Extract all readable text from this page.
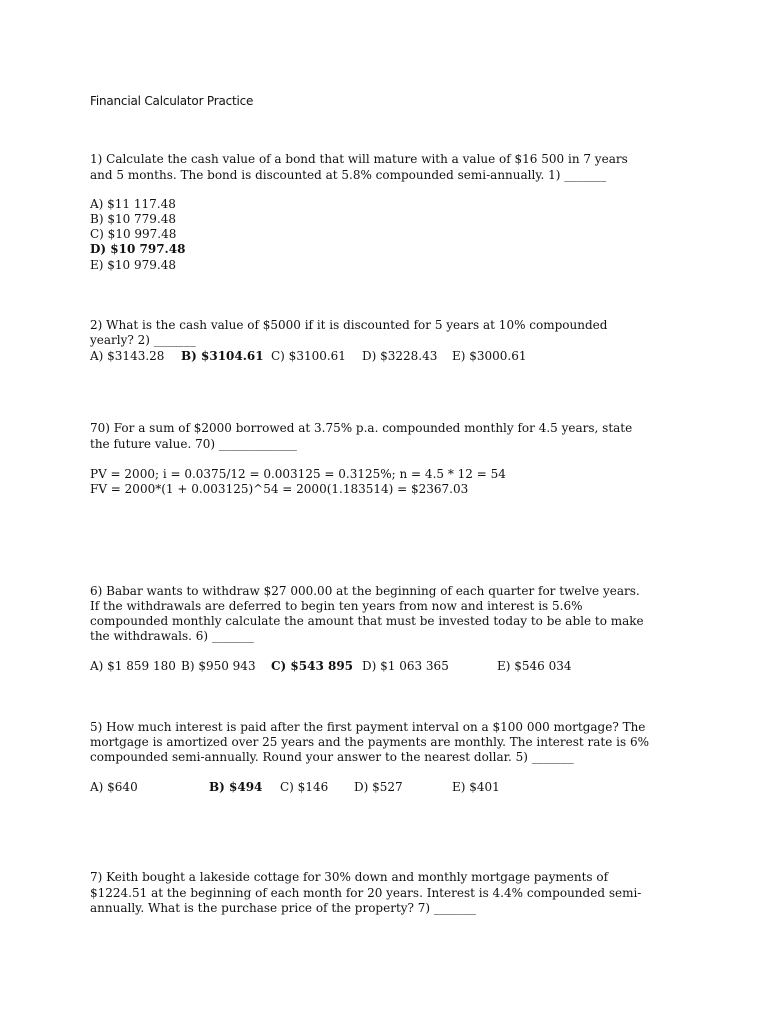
Financial Calculator Practice
1) Calculate the cash value of a bond that will mature with a value of $16 500 in 7 years
and 5 months. The bond is discounted at 5.8% compounded semi-annually. 1) _______
A) $11 117.48
B) $10 779.48
C) $10 997.48
D) $10 797.48
E) $10 979.48
2) What is the cash value of $5000 if it is discounted for 5 years at 10% compounded
yearly? 2) _______
A) $3143.28 B) $3104.61 C) $3100.61 D) $3228.43 E) $3000.61
70) For a sum of $2000 borrowed at 3.75% p.a. compounded monthly for 4.5 years, state
the future value. 70) _____________
PV = 2000; i = 0.0375/12 = 0.003125 = 0.3125%; n = 4.5 * 12 = 54
FV = 2000*(1 + 0.003125)^54 = 2000(1.183514) = $2367.03
6) Babar wants to withdraw $27 000.00 at the beginning of each quarter for twelve years.
If the withdrawals are deferred to begin ten years from now and interest is 5.6%
compounded monthly calculate the amount that must be invested today to be able to make
the withdrawals. 6) _______
A) $1 859 180 B) $950 943 C) $543 895 D) $1 063 365	E) $546 034
5) How much interest is paid after the first payment interval on a $100 000 mortgage? The
mortgage is amortized over 25 years and the payments are monthly. The interest rate is 6%
compounded semi-annually. Round your answer to the nearest dollar. 5) _______
A) $640	B) $494 C) $146 D) $527	E) $401
7) Keith bought a lakeside cottage for 30% down and monthly mortgage payments of
$1224.51 at the beginning of each month for 20 years. Interest is 4.4% compounded semi-
annually. What is the purchase price of the property? 7) _______
